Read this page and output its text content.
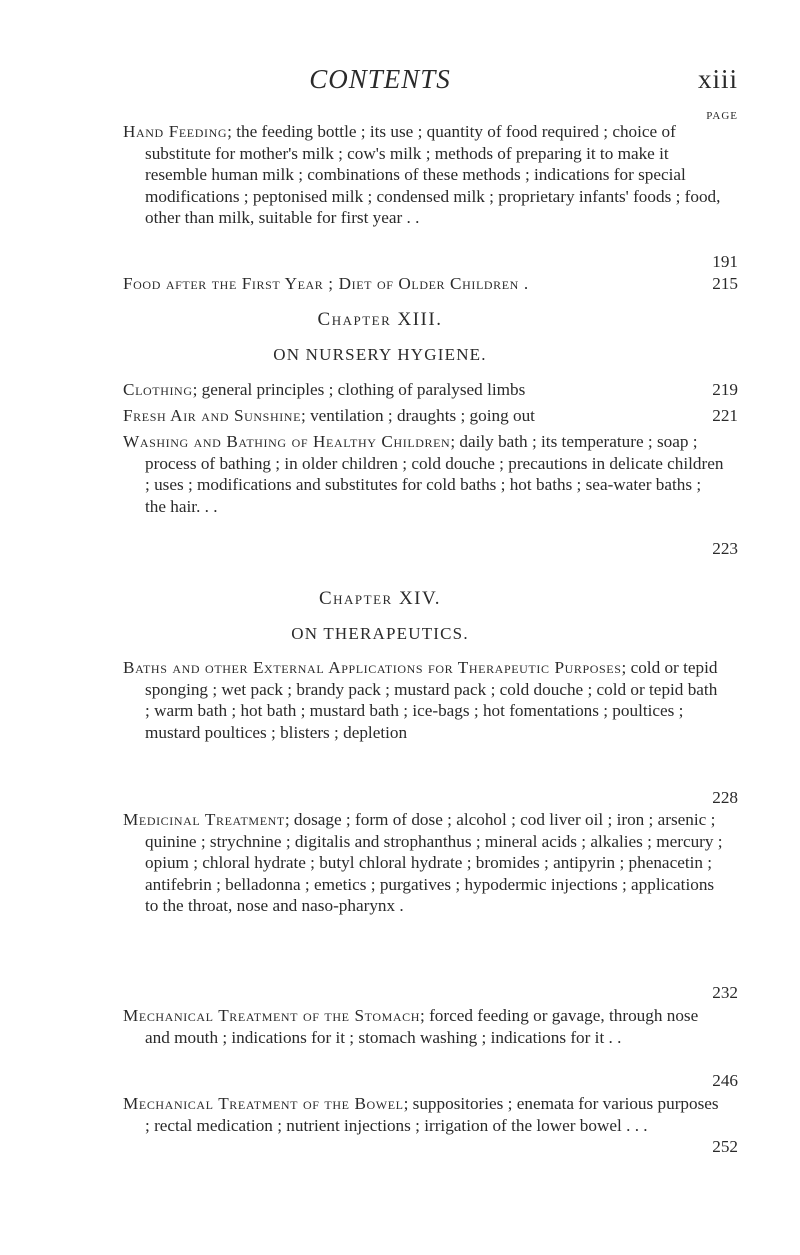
CONTENTS	xiii
PAGE
Hand Feeding; the feeding bottle ; its use ; quantity of food required ; choice of substitute for mother's milk ; cow's milk ; methods of preparing it to make it resemble human milk ; combinations of these methods ; indications for special modifications ; peptonised milk ; condensed milk ; proprietary infants' foods ; food, other than milk, suitable for first year . .
191
Food after the First Year ; Diet of Older Children .	215
Chapter XIII.
ON NURSERY HYGIENE.
Clothing; general principles ; clothing of paralysed limbs	219
Fresh Air and Sunshine; ventilation ; draughts ; going out	221
Washing and Bathing of Healthy Children; daily bath ; its temperature ; soap ; process of bathing ; in older children ; cold douche ; precautions in delicate children ; uses ; modifications and substitutes for cold baths ; hot baths ; sea-water baths ; the hair. . .
223
Chapter XIV.
ON THERAPEUTICS.
Baths and other External Applications for Therapeutic Purposes; cold or tepid sponging ; wet pack ; brandy pack ; mustard pack ; cold douche ; cold or tepid bath ; warm bath ; hot bath ; mustard bath ; ice-bags ; hot fomentations ; poultices ; mustard poultices ; blisters ; depletion
228
Medicinal Treatment; dosage ; form of dose ; alcohol ; cod liver oil ; iron ; arsenic ; quinine ; strychnine ; digitalis and strophanthus ; mineral acids ; alkalies ; mercury ; opium ; chloral hydrate ; butyl chloral hydrate ; bromides ; antipyrin ; phenacetin ; antifebrin ; belladonna ; emetics ; purgatives ; hypodermic injections ; applications to the throat, nose and naso-pharynx .
232
Mechanical Treatment of the Stomach; forced feeding or gavage, through nose and mouth ; indications for it ; stomach washing ; indications for it . .
246
Mechanical Treatment of the Bowel; suppositories ; enemata for various purposes ; rectal medication ; nutrient injections ; irrigation of the lower bowel . . .
252
